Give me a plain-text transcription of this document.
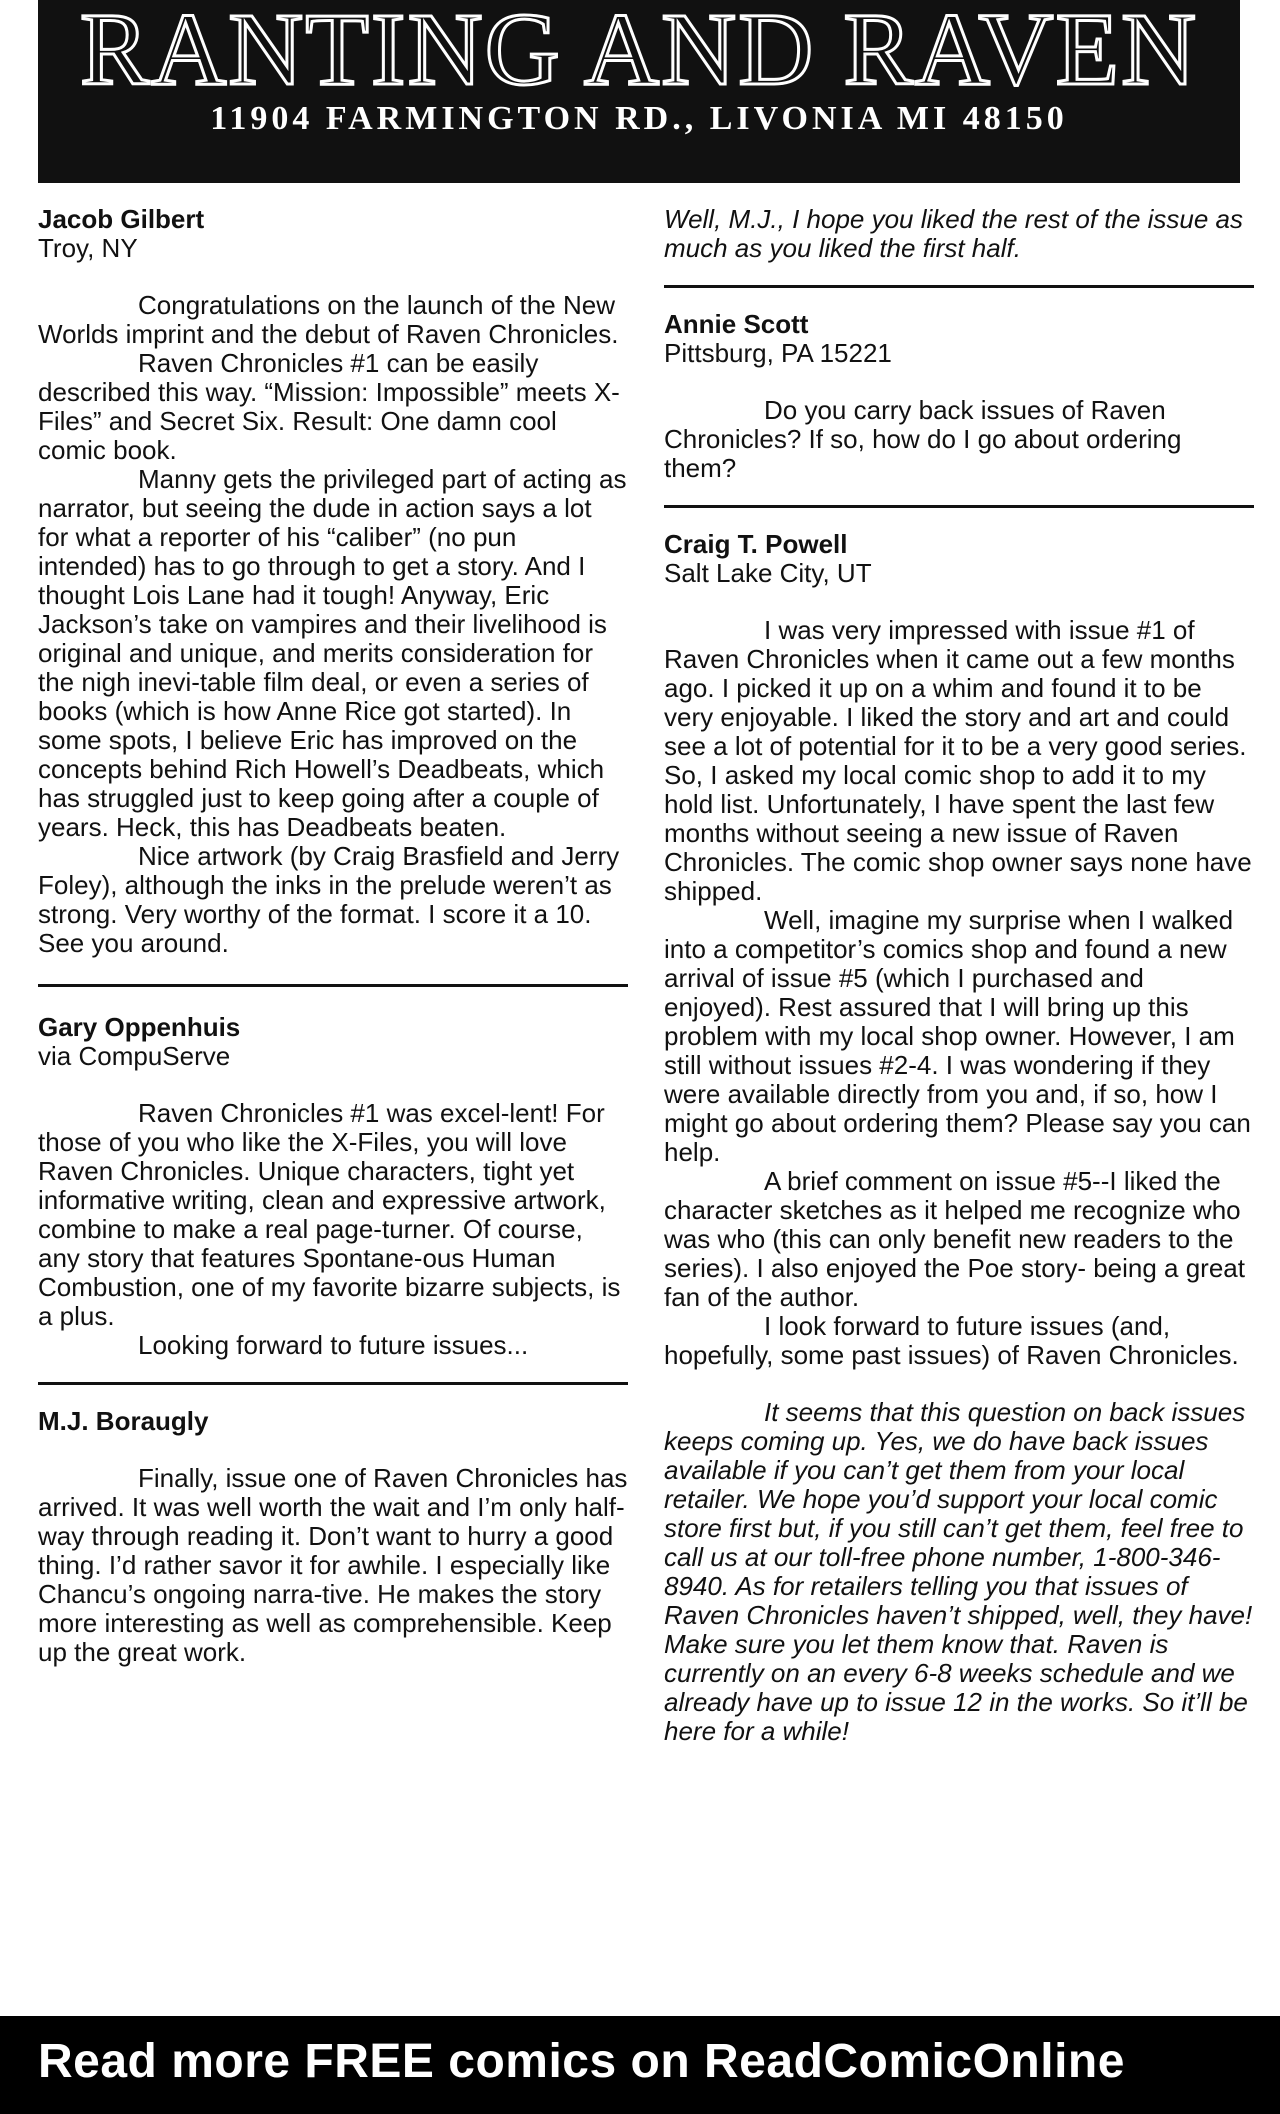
RANTING AND RAVEN
11904 FARMINGTON RD., LIVONIA MI 48150
Jacob Gilbert
Troy, NY

Congratulations on the launch of the New Worlds imprint and the debut of Raven Chronicles.

Raven Chronicles #1 can be easily described this way. “Mission: Impossible” meets X-Files” and Secret Six. Result: One damn cool comic book.

Manny gets the privileged part of acting as narrator, but seeing the dude in action says a lot for what a reporter of his “caliber” (no pun intended) has to go through to get a story. And I thought Lois Lane had it tough! Anyway, Eric Jackson’s take on vampires and their livelihood is original and unique, and merits consideration for the nigh inevi-table film deal, or even a series of books (which is how Anne Rice got started). In some spots, I believe Eric has improved on the concepts behind Rich Howell’s Deadbeats, which has struggled just to keep going after a couple of years. Heck, this has Deadbeats beaten.

Nice artwork (by Craig Brasfield and Jerry Foley), although the inks in the prelude weren’t as strong. Very worthy of the format. I score it a 10. See you around.

Gary Oppenhuis
via CompuServe

Raven Chronicles #1 was excel-lent! For those of you who like the X-Files, you will love Raven Chronicles. Unique characters, tight yet informative writing, clean and expressive artwork, combine to make a real page-turner. Of course, any story that features Spontane-ous Human Combustion, one of my favorite bizarre subjects, is a plus.

Looking forward to future issues...

M.J. Boraugly

Finally, issue one of Raven Chronicles has arrived. It was well worth the wait and I’m only half-way through reading it. Don’t want to hurry a good thing. I’d rather savor it for awhile. I especially like Chancu’s ongoing narra-tive. He makes the story more interesting as well as comprehensible. Keep up the great work.

Well, M.J., I hope you liked the rest of the issue as much as you liked the first half.

Annie Scott
Pittsburg, PA 15221

Do you carry back issues of Raven Chronicles? If so, how do I go about ordering them?

Craig T. Powell
Salt Lake City, UT

I was very impressed with issue #1 of Raven Chronicles when it came out a few months ago. I picked it up on a whim and found it to be very enjoyable. I liked the story and art and could see a lot of potential for it to be a very good series. So, I asked my local comic shop to add it to my hold list. Unfortunately, I have spent the last few months without seeing a new issue of Raven Chronicles. The comic shop owner says none have shipped.

Well, imagine my surprise when I walked into a competitor’s comics shop and found a new arrival of issue #5 (which I purchased and enjoyed). Rest assured that I will bring up this problem with my local shop owner. However, I am still without issues #2-4. I was wondering if they were available directly from you and, if so, how I might go about ordering them? Please say you can help.

A brief comment on issue #5--I liked the character sketches as it helped me recognize who was who (this can only benefit new readers to the series). I also enjoyed the Poe story- being a great fan of the author.

I look forward to future issues (and, hopefully, some past issues) of Raven Chronicles.

It seems that this question on back issues keeps coming up. Yes, we do have back issues available if you can’t get them from your local retailer. We hope you’d support your local comic store first but, if you still can’t get them, feel free to call us at our toll-free phone number, 1-800-346-8940. As for retailers telling you that issues of Raven Chronicles haven’t shipped, well, they have! Make sure you let them know that. Raven is currently on an every 6-8 weeks schedule and we already have up to issue 12 in the works. So it’ll be here for a while!

Read more FREE comics on ReadComicOnline
